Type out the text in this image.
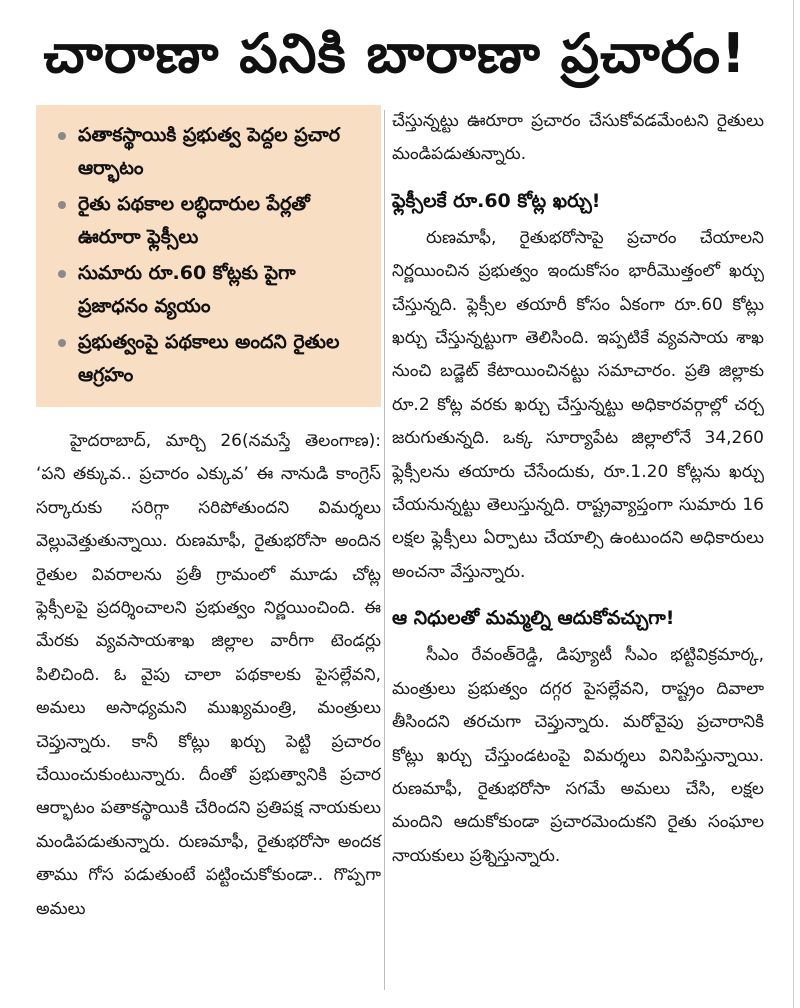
చారాణా పనికి బారాణా ప్రచారం!
పతాకస్థాయికి ప్రభుత్వ పెద్దల ప్రచార ఆర్భాటం
రైతు పథకాల లబ్ధిదారుల పేర్లతో ఊరూరా ఫ్లెక్సీలు
సుమారు రూ.60 కోట్లకు పైగా ప్రజాధనం వ్యయం
ప్రభుత్వంపై పథకాలు అందని రైతుల ఆగ్రహం

హైదరాబాద్, మార్చి 26(నమస్తే తెలంగాణ): ‘పని తక్కువ.. ప్రచారం ఎక్కువ’ ఈ నానుడి కాంగ్రెస్ సర్కారుకు సరిగ్గా సరిపోతుందని విమర్శలు వెల్లువెత్తుతున్నాయి. రుణమాఫీ, రైతుభరోసా అందిన రైతుల వివరాలను ప్రతీ గ్రామంలో మూడు చోట్ల ఫ్లెక్సీలపై ప్రదర్శించాలని ప్రభుత్వం నిర్ణయించింది. ఈ మేరకు వ్యవసాయశాఖ జిల్లాల వారీగా టెండర్లు పిలిచింది. ఓ వైపు చాలా పథకాలకు పైసల్లేవని, అమలు అసాధ్యమని ముఖ్యమంత్రి, మంత్రులు చెప్తున్నారు. కానీ కోట్లు ఖర్చు పెట్టి ప్రచారం చేయించుకుంటున్నారు. దీంతో ప్రభుత్వానికి ప్రచార ఆర్భాటం పతాకస్థాయికి చేరిందని ప్రతిపక్ష నాయకులు మండిపడుతున్నారు. రుణమాఫీ, రైతుభరోసా అందక తాము గోస పడుతుంటే పట్టించుకోకుండా.. గొప్పగా అమలు

చేస్తున్నట్టు ఊరూరా ప్రచారం చేసుకోవడమేంటని రైతులు మండిపడుతున్నారు.

ఫ్లెక్సీలకే రూ.60 కోట్ల ఖర్చు!

రుణమాఫీ, రైతుభరోసాపై ప్రచారం చేయాలని నిర్ణయించిన ప్రభుత్వం ఇందుకోసం భారీమొత్తంలో ఖర్చు చేస్తున్నది. ఫ్లెక్సీల తయారీ కోసం ఏకంగా రూ.60 కోట్లు ఖర్చు చేస్తున్నట్టుగా తెలిసింది. ఇప్పటికే వ్యవసాయ శాఖ నుంచి బడ్జెట్ కేటాయించినట్టు సమాచారం. ప్రతి జిల్లాకు రూ.2 కోట్ల వరకు ఖర్చు చేస్తున్నట్టు అధికారవర్గాల్లో చర్చ జరుగుతున్నది. ఒక్క సూర్యాపేట జిల్లాలోనే 34,260 ఫ్లెక్సీలను తయారు చేసేందుకు, రూ.1.20 కోట్లను ఖర్చు చేయనున్నట్టు తెలుస్తున్నది. రాష్ట్రవ్యాప్తంగా సుమారు 16 లక్షల ఫ్లెక్సీలు ఏర్పాటు చేయాల్సి ఉంటుందని అధికారులు అంచనా వేస్తున్నారు.

ఆ నిధులతో మమ్మల్ని ఆదుకోవచ్చుగా!

సీఎం రేవంత్‌రెడ్డి, డిప్యూటీ సీఎం భట్టివిక్రమార్క, మంత్రులు ప్రభుత్వం దగ్గర పైసల్లేవని, రాష్ట్రం దివాలా తీసిందని తరచుగా చెప్తున్నారు. మరోవైపు ప్రచారానికి కోట్లు ఖర్చు చేస్తుండటంపై విమర్శలు వినిపిస్తున్నాయి. రుణమాఫీ, రైతుభరోసా సగమే అమలు చేసి, లక్షల మందిని ఆదుకోకుండా ప్రచారమెందుకని రైతు సంఘాల నాయకులు ప్రశ్నిస్తున్నారు.
